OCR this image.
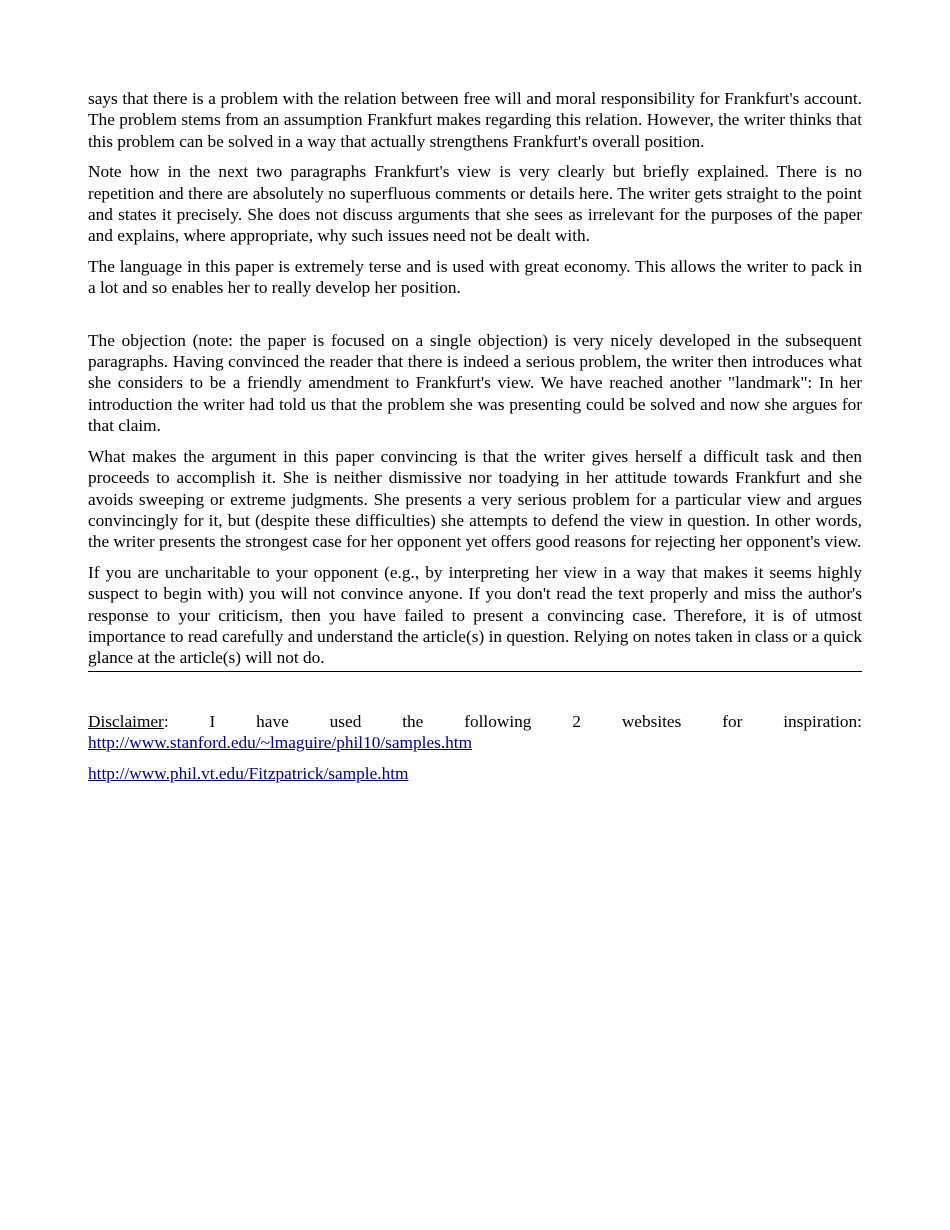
says that there is a problem with the relation between free will and moral responsibility for Frankfurt's account. The problem stems from an assumption Frankfurt makes regarding this relation. However, the writer thinks that this problem can be solved in a way that actually strengthens Frankfurt's overall position.

Note how in the next two paragraphs Frankfurt's view is very clearly but briefly explained. There is no repetition and there are absolutely no superfluous comments or details here. The writer gets straight to the point and states it precisely. She does not discuss arguments that she sees as irrelevant for the purposes of the paper and explains, where appropriate, why such issues need not be dealt with.

The language in this paper is extremely terse and is used with great economy. This allows the writer to pack in a lot and so enables her to really develop her position.

The objection (note: the paper is focused on a single objection) is very nicely developed in the subsequent paragraphs. Having convinced the reader that there is indeed a serious problem, the writer then introduces what she considers to be a friendly amendment to Frankfurt's view. We have reached another "landmark": In her introduction the writer had told us that the problem she was presenting could be solved and now she argues for that claim.

What makes the argument in this paper convincing is that the writer gives herself a difficult task and then proceeds to accomplish it. She is neither dismissive nor toadying in her attitude towards Frankfurt and she avoids sweeping or extreme judgments. She presents a very serious problem for a particular view and argues convincingly for it, but (despite these difficulties) she attempts to defend the view in question. In other words, the writer presents the strongest case for her opponent yet offers good reasons for rejecting her opponent's view.

If you are uncharitable to your opponent (e.g., by interpreting her view in a way that makes it seems highly suspect to begin with) you will not convince anyone. If you don't read the text properly and miss the author's response to your criticism, then you have failed to present a convincing case. Therefore, it is of utmost importance to read carefully and understand the article(s) in question. Relying on notes taken in class or a quick glance at the article(s) will not do.

Disclaimer: I have used the following 2 websites for inspiration:
http://www.stanford.edu/~lmaguire/phil10/samples.htm

http://www.phil.vt.edu/Fitzpatrick/sample.htm
